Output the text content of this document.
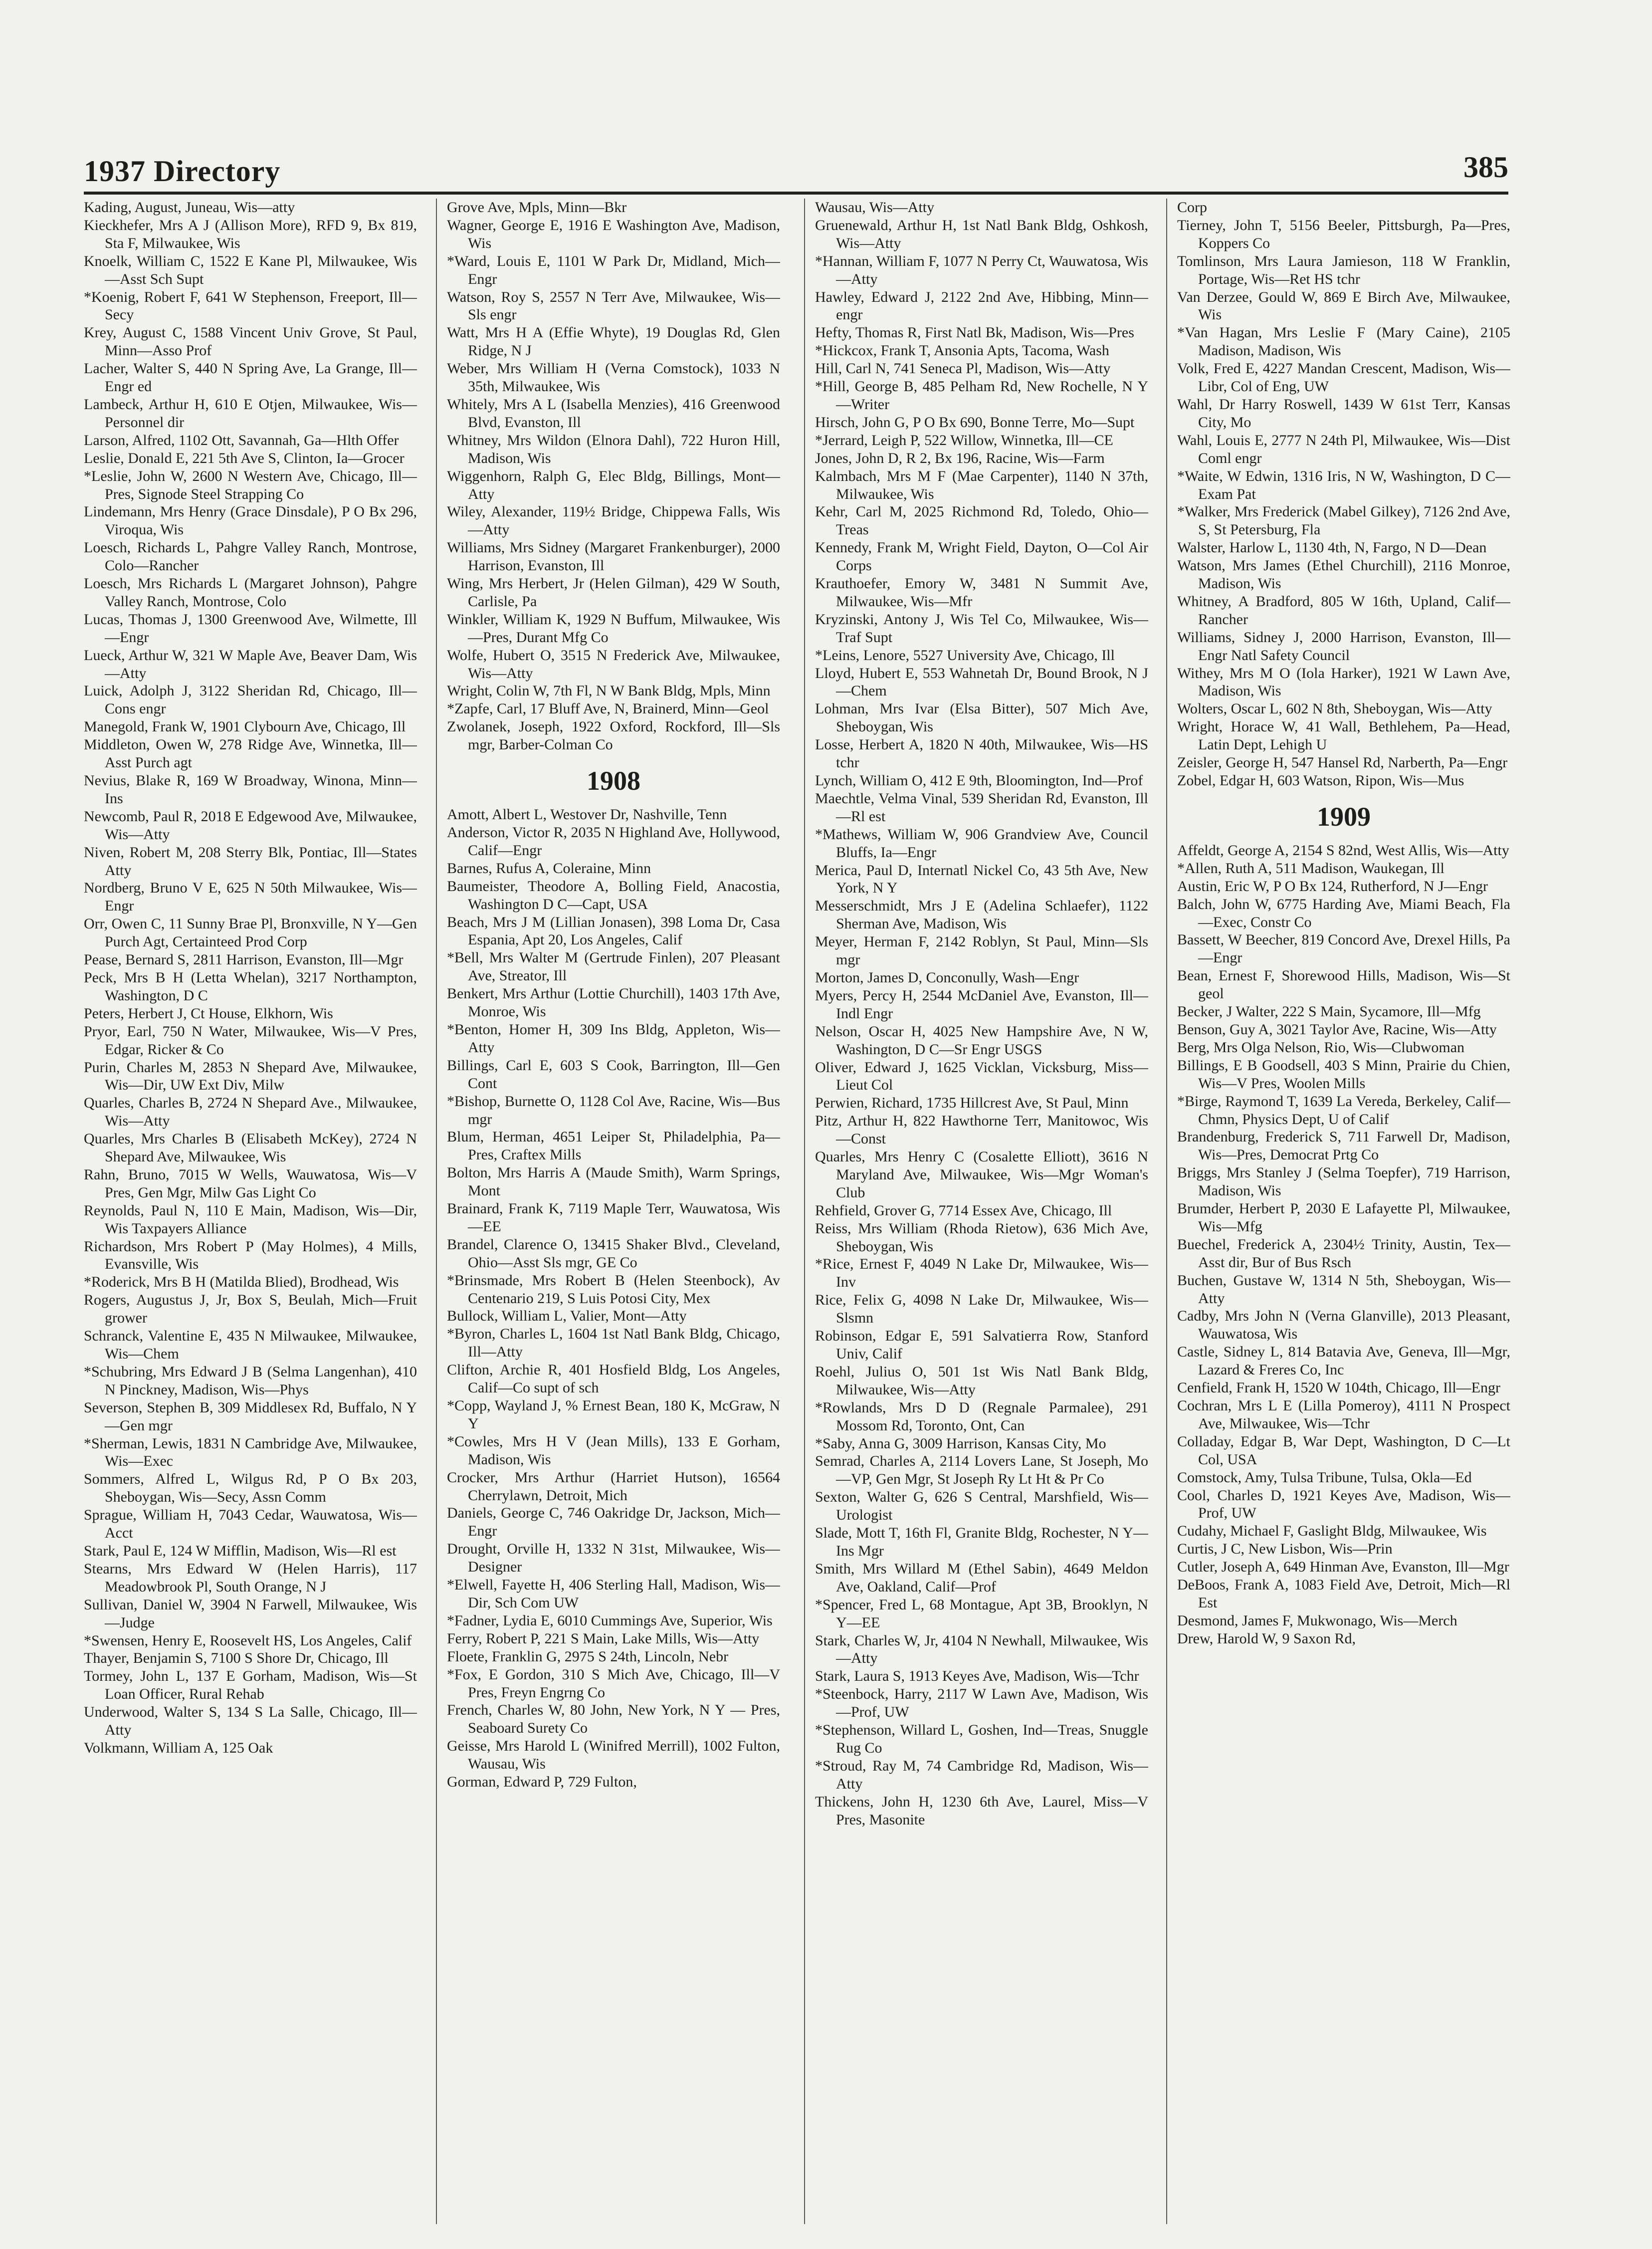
1937 Directory	385

Kading, August, Juneau, Wis—atty

Kieckhefer, Mrs A J (Allison More), RFD 9, Bx 819, Sta F, Milwaukee, Wis

Knoelk, William C, 1522 E Kane Pl, Milwaukee, Wis—Asst Sch Supt

*Koenig, Robert F, 641 W Stephenson, Freeport, Ill—Secy

Krey, August C, 1588 Vincent Univ Grove, St Paul, Minn—Asso Prof

Lacher, Walter S, 440 N Spring Ave, La Grange, Ill—Engr ed

Lambeck, Arthur H, 610 E Otjen, Milwaukee, Wis—Personnel dir

Larson, Alfred, 1102 Ott, Savannah, Ga—Hlth Offer

Leslie, Donald E, 221 5th Ave S, Clinton, Ia—Grocer

*Leslie, John W, 2600 N Western Ave, Chicago, Ill—Pres, Signode Steel Strapping Co

Lindemann, Mrs Henry (Grace Dinsdale), P O Bx 296, Viroqua, Wis

Loesch, Richards L, Pahgre Valley Ranch, Montrose, Colo—Rancher

Loesch, Mrs Richards L (Margaret Johnson), Pahgre Valley Ranch, Montrose, Colo

Lucas, Thomas J, 1300 Greenwood Ave, Wilmette, Ill—Engr

Lueck, Arthur W, 321 W Maple Ave, Beaver Dam, Wis—Atty

Luick, Adolph J, 3122 Sheridan Rd, Chicago, Ill—Cons engr

Manegold, Frank W, 1901 Clybourn Ave, Chicago, Ill

Middleton, Owen W, 278 Ridge Ave, Winnetka, Ill—Asst Purch agt

Nevius, Blake R, 169 W Broadway, Winona, Minn—Ins

Newcomb, Paul R, 2018 E Edgewood Ave, Milwaukee, Wis—Atty

Niven, Robert M, 208 Sterry Blk, Pontiac, Ill—States Atty

Nordberg, Bruno V E, 625 N 50th Milwaukee, Wis—Engr

Orr, Owen C, 11 Sunny Brae Pl, Bronxville, N Y—Gen Purch Agt, Certainteed Prod Corp

Pease, Bernard S, 2811 Harrison, Evanston, Ill—Mgr

Peck, Mrs B H (Letta Whelan), 3217 Northampton, Washington, D C

Peters, Herbert J, Ct House, Elkhorn, Wis

Pryor, Earl, 750 N Water, Milwaukee, Wis—V Pres, Edgar, Ricker & Co

Purin, Charles M, 2853 N Shepard Ave, Milwaukee, Wis—Dir, UW Ext Div, Milw

Quarles, Charles B, 2724 N Shepard Ave., Milwaukee, Wis—Atty

Quarles, Mrs Charles B (Elisabeth McKey), 2724 N Shepard Ave, Milwaukee, Wis

Rahn, Bruno, 7015 W Wells, Wauwatosa, Wis—V Pres, Gen Mgr, Milw Gas Light Co

Reynolds, Paul N, 110 E Main, Madison, Wis—Dir, Wis Taxpayers Alliance

Richardson, Mrs Robert P (May Holmes), 4 Mills, Evansville, Wis

*Roderick, Mrs B H (Matilda Blied), Brodhead, Wis

Rogers, Augustus J, Jr, Box S, Beulah, Mich—Fruit grower

Schranck, Valentine E, 435 N Milwaukee, Milwaukee, Wis—Chem

*Schubring, Mrs Edward J B (Selma Langenhan), 410 N Pinckney, Madison, Wis—Phys

Severson, Stephen B, 309 Middlesex Rd, Buffalo, N Y—Gen mgr

*Sherman, Lewis, 1831 N Cambridge Ave, Milwaukee, Wis—Exec

Sommers, Alfred L, Wilgus Rd, P O Bx 203, Sheboygan, Wis—Secy, Assn Comm

Sprague, William H, 7043 Cedar, Wauwatosa, Wis—Acct

Stark, Paul E, 124 W Mifflin, Madison, Wis—Rl est

Stearns, Mrs Edward W (Helen Harris), 117 Meadowbrook Pl, South Orange, N J

Sullivan, Daniel W, 3904 N Farwell, Milwaukee, Wis—Judge

*Swensen, Henry E, Roosevelt HS, Los Angeles, Calif

Thayer, Benjamin S, 7100 S Shore Dr, Chicago, Ill

Tormey, John L, 137 E Gorham, Madison, Wis—St Loan Officer, Rural Rehab

Underwood, Walter S, 134 S La Salle, Chicago, Ill—Atty

Volkmann, William A, 125 Oak

Grove Ave, Mpls, Minn—Bkr

Wagner, George E, 1916 E Washington Ave, Madison, Wis

*Ward, Louis E, 1101 W Park Dr, Midland, Mich—Engr

Watson, Roy S, 2557 N Terr Ave, Milwaukee, Wis—Sls engr

Watt, Mrs H A (Effie Whyte), 19 Douglas Rd, Glen Ridge, N J

Weber, Mrs William H (Verna Comstock), 1033 N 35th, Milwaukee, Wis

Whitely, Mrs A L (Isabella Menzies), 416 Greenwood Blvd, Evanston, Ill

Whitney, Mrs Wildon (Elnora Dahl), 722 Huron Hill, Madison, Wis

Wiggenhorn, Ralph G, Elec Bldg, Billings, Mont—Atty

Wiley, Alexander, 119½ Bridge, Chippewa Falls, Wis—Atty

Williams, Mrs Sidney (Margaret Frankenburger), 2000 Harrison, Evanston, Ill

Wing, Mrs Herbert, Jr (Helen Gilman), 429 W South, Carlisle, Pa

Winkler, William K, 1929 N Buffum, Milwaukee, Wis—Pres, Durant Mfg Co

Wolfe, Hubert O, 3515 N Frederick Ave, Milwaukee, Wis—Atty

Wright, Colin W, 7th Fl, N W Bank Bldg, Mpls, Minn

*Zapfe, Carl, 17 Bluff Ave, N, Brainerd, Minn—Geol

Zwolanek, Joseph, 1922 Oxford, Rockford, Ill—Sls mgr, Barber-Colman Co

1908

Amott, Albert L, Westover Dr, Nashville, Tenn

Anderson, Victor R, 2035 N Highland Ave, Hollywood, Calif—Engr

Barnes, Rufus A, Coleraine, Minn

Baumeister, Theodore A, Bolling Field, Anacostia, Washington D C—Capt, USA

Beach, Mrs J M (Lillian Jonasen), 398 Loma Dr, Casa Espania, Apt 20, Los Angeles, Calif

*Bell, Mrs Walter M (Gertrude Finlen), 207 Pleasant Ave, Streator, Ill

Benkert, Mrs Arthur (Lottie Churchill), 1403 17th Ave, Monroe, Wis

*Benton, Homer H, 309 Ins Bldg, Appleton, Wis—Atty

Billings, Carl E, 603 S Cook, Barrington, Ill—Gen Cont

*Bishop, Burnette O, 1128 Col Ave, Racine, Wis—Bus mgr

Blum, Herman, 4651 Leiper St, Philadelphia, Pa—Pres, Craftex Mills

Bolton, Mrs Harris A (Maude Smith), Warm Springs, Mont

Brainard, Frank K, 7119 Maple Terr, Wauwatosa, Wis—EE

Brandel, Clarence O, 13415 Shaker Blvd., Cleveland, Ohio—Asst Sls mgr, GE Co

*Brinsmade, Mrs Robert B (Helen Steenbock), Av Centenario 219, S Luis Potosi City, Mex

Bullock, William L, Valier, Mont—Atty

*Byron, Charles L, 1604 1st Natl Bank Bldg, Chicago, Ill—Atty

Clifton, Archie R, 401 Hosfield Bldg, Los Angeles, Calif—Co supt of sch

*Copp, Wayland J, % Ernest Bean, 180 K, McGraw, N Y

*Cowles, Mrs H V (Jean Mills), 133 E Gorham, Madison, Wis

Crocker, Mrs Arthur (Harriet Hutson), 16564 Cherrylawn, Detroit, Mich

Daniels, George C, 746 Oakridge Dr, Jackson, Mich—Engr

Drought, Orville H, 1332 N 31st, Milwaukee, Wis—Designer

*Elwell, Fayette H, 406 Sterling Hall, Madison, Wis—Dir, Sch Com UW

*Fadner, Lydia E, 6010 Cummings Ave, Superior, Wis

Ferry, Robert P, 221 S Main, Lake Mills, Wis—Atty

Floete, Franklin G, 2975 S 24th, Lincoln, Nebr

*Fox, E Gordon, 310 S Mich Ave, Chicago, Ill—V Pres, Freyn Engrng Co

French, Charles W, 80 John, New York, N Y — Pres, Seaboard Surety Co

Geisse, Mrs Harold L (Winifred Merrill), 1002 Fulton, Wausau, Wis

Gorman, Edward P, 729 Fulton,

Wausau, Wis—Atty

Gruenewald, Arthur H, 1st Natl Bank Bldg, Oshkosh, Wis—Atty

*Hannan, William F, 1077 N Perry Ct, Wauwatosa, Wis—Atty

Hawley, Edward J, 2122 2nd Ave, Hibbing, Minn—engr

Hefty, Thomas R, First Natl Bk, Madison, Wis—Pres

*Hickcox, Frank T, Ansonia Apts, Tacoma, Wash

Hill, Carl N, 741 Seneca Pl, Madison, Wis—Atty

*Hill, George B, 485 Pelham Rd, New Rochelle, N Y—Writer

Hirsch, John G, P O Bx 690, Bonne Terre, Mo—Supt

*Jerrard, Leigh P, 522 Willow, Winnetka, Ill—CE

Jones, John D, R 2, Bx 196, Racine, Wis—Farm

Kalmbach, Mrs M F (Mae Carpenter), 1140 N 37th, Milwaukee, Wis

Kehr, Carl M, 2025 Richmond Rd, Toledo, Ohio—Treas

Kennedy, Frank M, Wright Field, Dayton, O—Col Air Corps

Krauthoefer, Emory W, 3481 N Summit Ave, Milwaukee, Wis—Mfr

Kryzinski, Antony J, Wis Tel Co, Milwaukee, Wis—Traf Supt

*Leins, Lenore, 5527 University Ave, Chicago, Ill

Lloyd, Hubert E, 553 Wahnetah Dr, Bound Brook, N J—Chem

Lohman, Mrs Ivar (Elsa Bitter), 507 Mich Ave, Sheboygan, Wis

Losse, Herbert A, 1820 N 40th, Milwaukee, Wis—HS tchr

Lynch, William O, 412 E 9th, Bloomington, Ind—Prof

Maechtle, Velma Vinal, 539 Sheridan Rd, Evanston, Ill—Rl est

*Mathews, William W, 906 Grandview Ave, Council Bluffs, Ia—Engr

Merica, Paul D, Internatl Nickel Co, 43 5th Ave, New York, N Y

Messerschmidt, Mrs J E (Adelina Schlaefer), 1122 Sherman Ave, Madison, Wis

Meyer, Herman F, 2142 Roblyn, St Paul, Minn—Sls mgr

Morton, James D, Conconully, Wash—Engr

Myers, Percy H, 2544 McDaniel Ave, Evanston, Ill—Indl Engr

Nelson, Oscar H, 4025 New Hampshire Ave, N W, Washington, D C—Sr Engr USGS

Oliver, Edward J, 1625 Vicklan, Vicksburg, Miss—Lieut Col

Perwien, Richard, 1735 Hillcrest Ave, St Paul, Minn

Pitz, Arthur H, 822 Hawthorne Terr, Manitowoc, Wis—Const

Quarles, Mrs Henry C (Cosalette Elliott), 3616 N Maryland Ave, Milwaukee, Wis—Mgr Woman's Club

Rehfield, Grover G, 7714 Essex Ave, Chicago, Ill

Reiss, Mrs William (Rhoda Rietow), 636 Mich Ave, Sheboygan, Wis

*Rice, Ernest F, 4049 N Lake Dr, Milwaukee, Wis—Inv

Rice, Felix G, 4098 N Lake Dr, Milwaukee, Wis—Slsmn

Robinson, Edgar E, 591 Salvatierra Row, Stanford Univ, Calif

Roehl, Julius O, 501 1st Wis Natl Bank Bldg, Milwaukee, Wis—Atty

*Rowlands, Mrs D D (Regnale Parmalee), 291 Mossom Rd, Toronto, Ont, Can

*Saby, Anna G, 3009 Harrison, Kansas City, Mo

Semrad, Charles A, 2114 Lovers Lane, St Joseph, Mo—VP, Gen Mgr, St Joseph Ry Lt Ht & Pr Co

Sexton, Walter G, 626 S Central, Marshfield, Wis—Urologist

Slade, Mott T, 16th Fl, Granite Bldg, Rochester, N Y—Ins Mgr

Smith, Mrs Willard M (Ethel Sabin), 4649 Meldon Ave, Oakland, Calif—Prof

*Spencer, Fred L, 68 Montague, Apt 3B, Brooklyn, N Y—EE

Stark, Charles W, Jr, 4104 N Newhall, Milwaukee, Wis—Atty

Stark, Laura S, 1913 Keyes Ave, Madison, Wis—Tchr

*Steenbock, Harry, 2117 W Lawn Ave, Madison, Wis—Prof, UW

*Stephenson, Willard L, Goshen, Ind—Treas, Snuggle Rug Co

*Stroud, Ray M, 74 Cambridge Rd, Madison, Wis—Atty

Thickens, John H, 1230 6th Ave, Laurel, Miss—V Pres, Masonite

Corp

Tierney, John T, 5156 Beeler, Pittsburgh, Pa—Pres, Koppers Co

Tomlinson, Mrs Laura Jamieson, 118 W Franklin, Portage, Wis—Ret HS tchr

Van Derzee, Gould W, 869 E Birch Ave, Milwaukee, Wis

*Van Hagan, Mrs Leslie F (Mary Caine), 2105 Madison, Madison, Wis

Volk, Fred E, 4227 Mandan Crescent, Madison, Wis—Libr, Col of Eng, UW

Wahl, Dr Harry Roswell, 1439 W 61st Terr, Kansas City, Mo

Wahl, Louis E, 2777 N 24th Pl, Milwaukee, Wis—Dist Coml engr

*Waite, W Edwin, 1316 Iris, N W, Washington, D C—Exam Pat

*Walker, Mrs Frederick (Mabel Gilkey), 7126 2nd Ave, S, St Petersburg, Fla

Walster, Harlow L, 1130 4th, N, Fargo, N D—Dean

Watson, Mrs James (Ethel Churchill), 2116 Monroe, Madison, Wis

Whitney, A Bradford, 805 W 16th, Upland, Calif—Rancher

Williams, Sidney J, 2000 Harrison, Evanston, Ill—Engr Natl Safety Council

Withey, Mrs M O (Iola Harker), 1921 W Lawn Ave, Madison, Wis

Wolters, Oscar L, 602 N 8th, Sheboygan, Wis—Atty

Wright, Horace W, 41 Wall, Bethlehem, Pa—Head, Latin Dept, Lehigh U

Zeisler, George H, 547 Hansel Rd, Narberth, Pa—Engr

Zobel, Edgar H, 603 Watson, Ripon, Wis—Mus

1909

Affeldt, George A, 2154 S 82nd, West Allis, Wis—Atty

*Allen, Ruth A, 511 Madison, Waukegan, Ill

Austin, Eric W, P O Bx 124, Rutherford, N J—Engr

Balch, John W, 6775 Harding Ave, Miami Beach, Fla—Exec, Constr Co

Bassett, W Beecher, 819 Concord Ave, Drexel Hills, Pa—Engr

Bean, Ernest F, Shorewood Hills, Madison, Wis—St geol

Becker, J Walter, 222 S Main, Sycamore, Ill—Mfg

Benson, Guy A, 3021 Taylor Ave, Racine, Wis—Atty

Berg, Mrs Olga Nelson, Rio, Wis—Clubwoman

Billings, E B Goodsell, 403 S Minn, Prairie du Chien, Wis—V Pres, Woolen Mills

*Birge, Raymond T, 1639 La Vereda, Berkeley, Calif—Chmn, Physics Dept, U of Calif

Brandenburg, Frederick S, 711 Farwell Dr, Madison, Wis—Pres, Democrat Prtg Co

Briggs, Mrs Stanley J (Selma Toepfer), 719 Harrison, Madison, Wis

Brumder, Herbert P, 2030 E Lafayette Pl, Milwaukee, Wis—Mfg

Buechel, Frederick A, 2304½ Trinity, Austin, Tex—Asst dir, Bur of Bus Rsch

Buchen, Gustave W, 1314 N 5th, Sheboygan, Wis—Atty

Cadby, Mrs John N (Verna Glanville), 2013 Pleasant, Wauwatosa, Wis

Castle, Sidney L, 814 Batavia Ave, Geneva, Ill—Mgr, Lazard & Freres Co, Inc

Cenfield, Frank H, 1520 W 104th, Chicago, Ill—Engr

Cochran, Mrs L E (Lilla Pomeroy), 4111 N Prospect Ave, Milwaukee, Wis—Tchr

Colladay, Edgar B, War Dept, Washington, D C—Lt Col, USA

Comstock, Amy, Tulsa Tribune, Tulsa, Okla—Ed

Cool, Charles D, 1921 Keyes Ave, Madison, Wis—Prof, UW

Cudahy, Michael F, Gaslight Bldg, Milwaukee, Wis

Curtis, J C, New Lisbon, Wis—Prin

Cutler, Joseph A, 649 Hinman Ave, Evanston, Ill—Mgr

DeBoos, Frank A, 1083 Field Ave, Detroit, Mich—Rl Est

Desmond, James F, Mukwonago, Wis—Merch

Drew, Harold W, 9 Saxon Rd,
